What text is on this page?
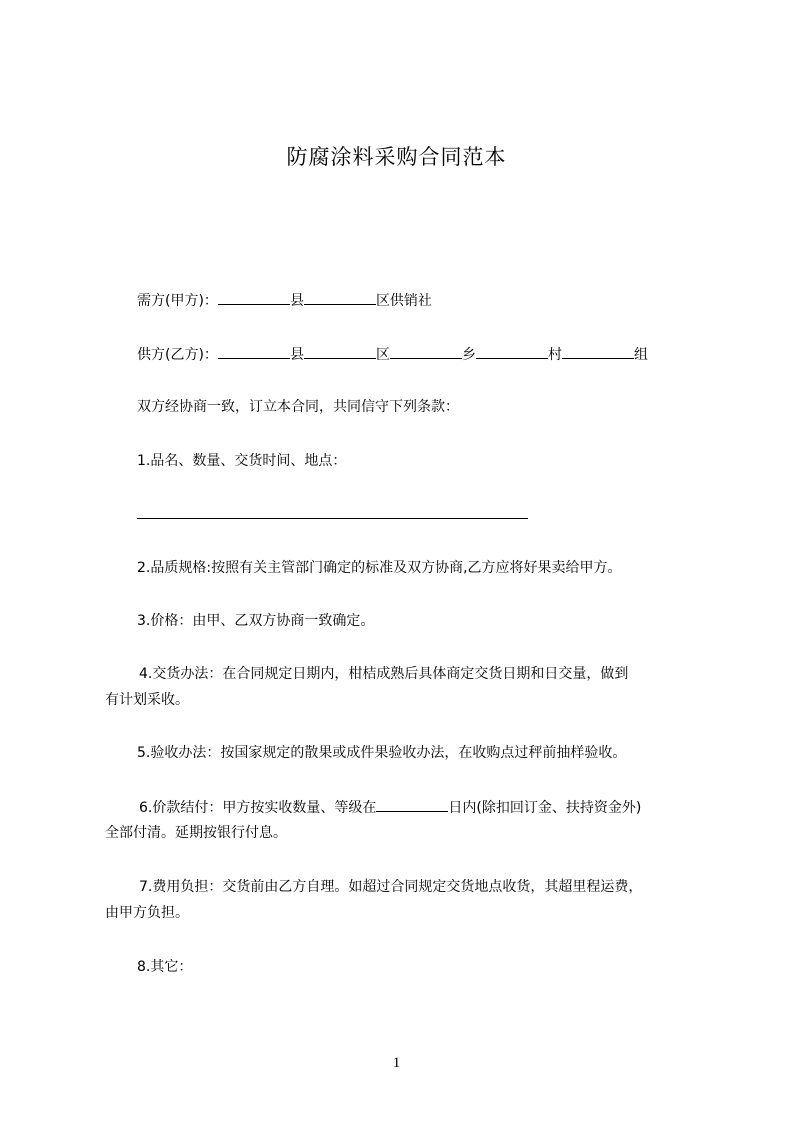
防腐涂料采购合同范本
需方(甲方)：	县	区供销社
供方(乙方)：	县	区	乡	村	组
双方经协商一致，订立本合同，共同信守下列条款：
1.品名、数量、交货时间、地点：
2.品质规格:按照有关主管部门确定的标准及双方协商,乙方应将好果卖给甲方。
3.价格：由甲、乙双方协商一致确定。
4.交货办法：在合同规定日期内，柑桔成熟后具体商定交货日期和日交量，做到
有计划采收。
5.验收办法：按国家规定的散果或成件果验收办法，在收购点过秤前抽样验收。
6.价款结付：甲方按实收数量、等级在	日内(除扣回订金、扶持资金外)
全部付清。延期按银行付息。
7.费用负担：交货前由乙方自理。如超过合同规定交货地点收货，其超里程运费，
由甲方负担。
8.其它：
1
